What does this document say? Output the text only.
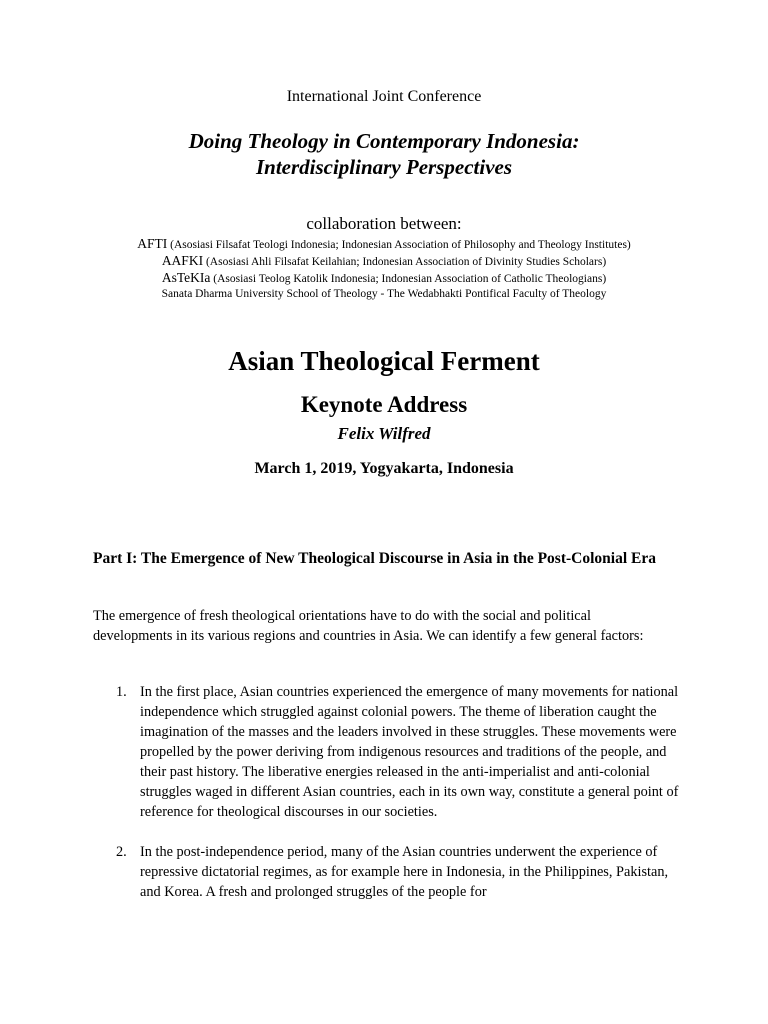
International Joint Conference
Doing Theology in Contemporary Indonesia:
Interdisciplinary Perspectives
collaboration between:
AFTI (Asosiasi Filsafat Teologi Indonesia; Indonesian Association of Philosophy and Theology Institutes)
AAFKI (Asosiasi Ahli Filsafat Keilahian; Indonesian Association of Divinity Studies Scholars)
AsTeKIa (Asosiasi Teolog Katolik Indonesia; Indonesian Association of Catholic Theologians)
Sanata Dharma University School of Theology - The Wedabhakti Pontifical Faculty of Theology
Asian Theological Ferment
Keynote Address
Felix Wilfred
March 1, 2019, Yogyakarta, Indonesia
Part I: The Emergence of New Theological Discourse in Asia in the Post-Colonial Era
The emergence of fresh theological orientations have to do with the social and political developments in its various regions and countries in Asia. We can identify a few general factors:
1. In the first place, Asian countries experienced the emergence of many movements for national independence which struggled against colonial powers. The theme of liberation caught the imagination of the masses and the leaders involved in these struggles. These movements were propelled by the power deriving from indigenous resources and traditions of the people, and their past history. The liberative energies released in the anti-imperialist and anti-colonial struggles waged in different Asian countries, each in its own way, constitute a general point of reference for theological discourses in our societies.
2. In the post-independence period, many of the Asian countries underwent the experience of repressive dictatorial regimes, as for example here in Indonesia, in the Philippines, Pakistan, and Korea. A fresh and prolonged struggles of the people for
